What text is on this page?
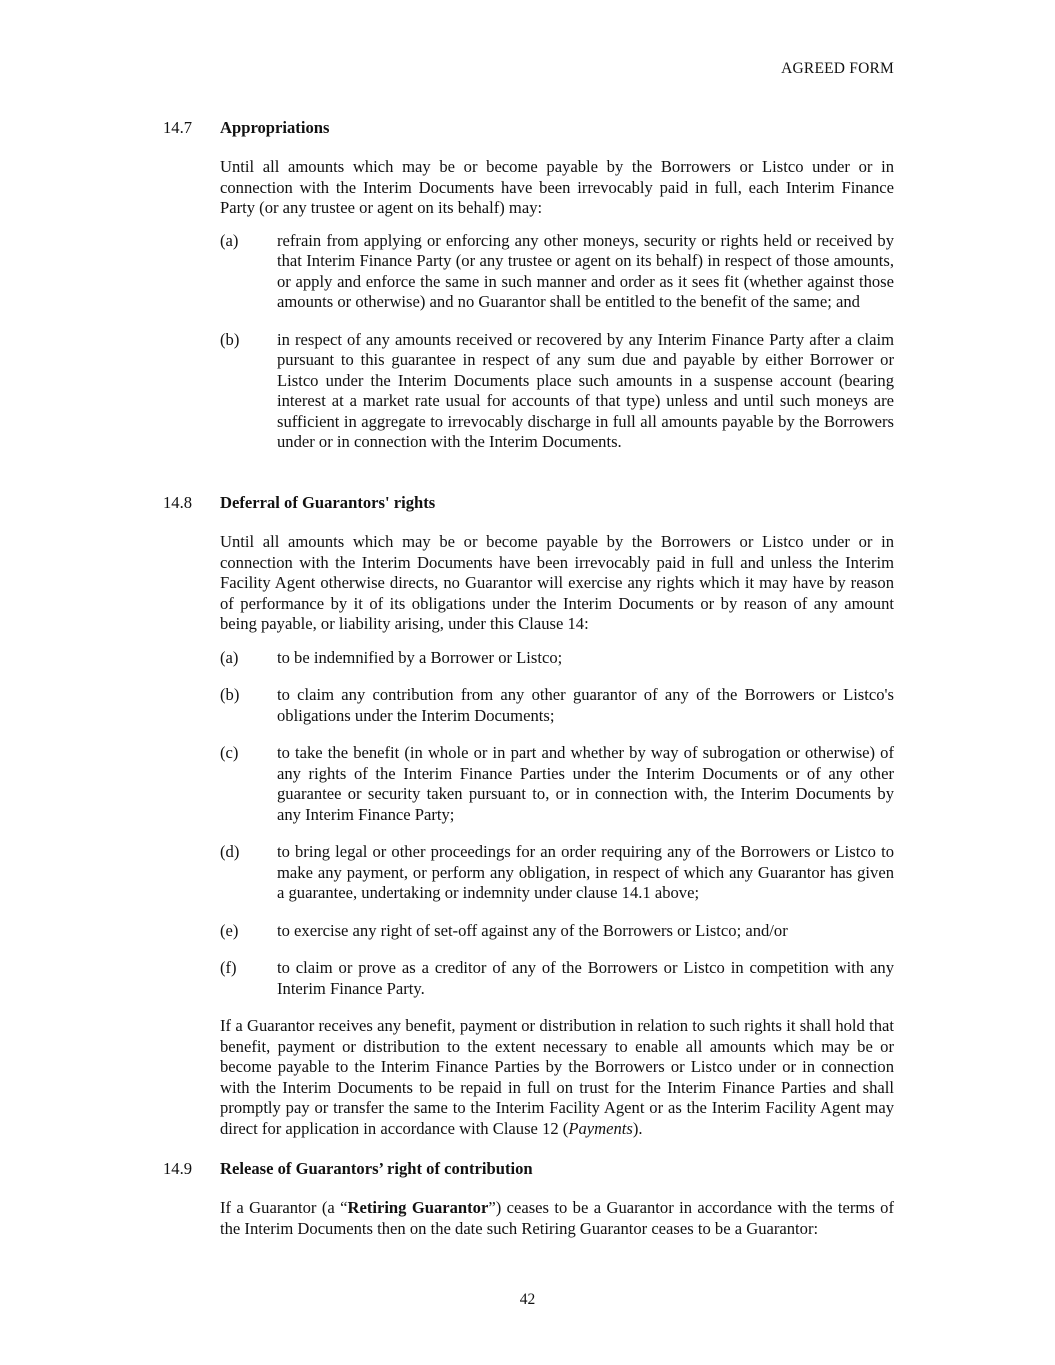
AGREED FORM
14.7 Appropriations

Until all amounts which may be or become payable by the Borrowers or Listco under or in connection with the Interim Documents have been irrevocably paid in full, each Interim Finance Party (or any trustee or agent on its behalf) may:

(a) refrain from applying or enforcing any other moneys, security or rights held or received by that Interim Finance Party (or any trustee or agent on its behalf) in respect of those amounts, or apply and enforce the same in such manner and order as it sees fit (whether against those amounts or otherwise) and no Guarantor shall be entitled to the benefit of the same; and
(b) in respect of any amounts received or recovered by any Interim Finance Party after a claim pursuant to this guarantee in respect of any sum due and payable by either Borrower or Listco under the Interim Documents place such amounts in a suspense account (bearing interest at a market rate usual for accounts of that type) unless and until such moneys are sufficient in aggregate to irrevocably discharge in full all amounts payable by the Borrowers under or in connection with the Interim Documents.
14.8 Deferral of Guarantors' rights

Until all amounts which may be or become payable by the Borrowers or Listco under or in connection with the Interim Documents have been irrevocably paid in full and unless the Interim Facility Agent otherwise directs, no Guarantor will exercise any rights which it may have by reason of performance by it of its obligations under the Interim Documents or by reason of any amount being payable, or liability arising, under this Clause 14:

(a) to be indemnified by a Borrower or Listco;
(b) to claim any contribution from any other guarantor of any of the Borrowers or Listco's obligations under the Interim Documents;
(c) to take the benefit (in whole or in part and whether by way of subrogation or otherwise) of any rights of the Interim Finance Parties under the Interim Documents or of any other guarantee or security taken pursuant to, or in connection with, the Interim Documents by any Interim Finance Party;
(d) to bring legal or other proceedings for an order requiring any of the Borrowers or Listco to make any payment, or perform any obligation, in respect of which any Guarantor has given a guarantee, undertaking or indemnity under clause 14.1 above;
(e) to exercise any right of set-off against any of the Borrowers or Listco; and/or
(f) to claim or prove as a creditor of any of the Borrowers or Listco in competition with any Interim Finance Party.

If a Guarantor receives any benefit, payment or distribution in relation to such rights it shall hold that benefit, payment or distribution to the extent necessary to enable all amounts which may be or become payable to the Interim Finance Parties by the Borrowers or Listco under or in connection with the Interim Documents to be repaid in full on trust for the Interim Finance Parties and shall promptly pay or transfer the same to the Interim Facility Agent or as the Interim Facility Agent may direct for application in accordance with Clause 12 (Payments).

14.9 Release of Guarantors’ right of contribution

If a Guarantor (a “Retiring Guarantor”) ceases to be a Guarantor in accordance with the terms of the Interim Documents then on the date such Retiring Guarantor ceases to be a Guarantor:

42
